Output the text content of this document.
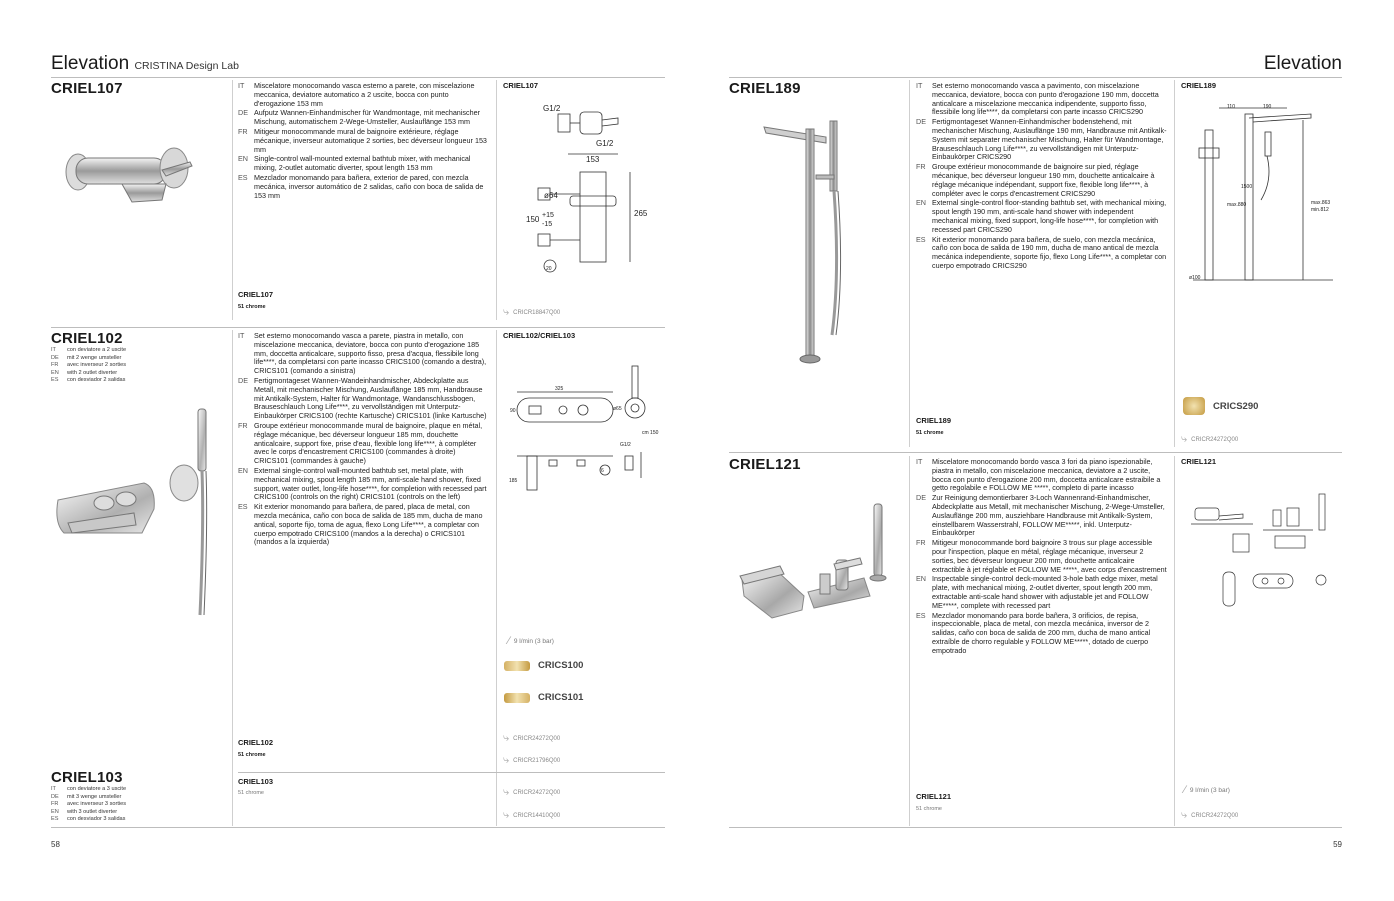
Elevation CRISTINA Design Lab	Elevation
CRIEL107	IT	Miscelatore monocomando vasca esterno a parete, con miscelazione meccanica, deviatore automatico a 2 uscite, bocca con punto d'erogazione 153 mm
DE Aufputz Wannen-Einhandmischer für Wandmontage, mit mechanischer Mischung, automatischem 2-Wege-Umsteller, Auslauflänge 153 mm
FR Mitigeur monocommande mural de baignoire extérieure, réglage mécanique, inverseur automatique 2 sorties, bec déverseur longueur 153 mm
EN Single-control wall-mounted external bathtub mixer, with mechanical mixing, 2-outlet automatic diverter, spout length 153 mm
ES Mezclador monomando para bañera, exterior de pared, con mezcla mecánica, inversor automático de 2 salidas, caño con boca de salida de 153 mm
CRIEL107
51 chrome
CRIEL107
G1/2
G1/2
153
ø64
150 +15
-15
265
20
⤷ CRICR18847Q00
CRIEL102
IT	con deviatore a 2 uscite
DE	mit 2 wenge umsteller
FR	avec inverseur 2 sorties
EN	with 2 outlet diverter
ES	con desviador 2 salidas
IT	Set esterno monocomando vasca a parete, piastra in metallo, con miscelazione meccanica, deviatore, bocca con punto d'erogazione 185 mm, doccetta anticalcare, supporto fisso, presa d'acqua, flessibile long life****, da completarsi con parte incasso CRICS100 (comando a destra), CRICS101 (comando a sinistra)
DE Fertigmontageset Wannen-Wandeinhandmischer, Abdeckplatte aus Metall, mit mechanischer Mischung, Auslauflänge 185 mm, Handbrause mit Antikalk-System, Halter für Wandmontage, Wandanschlussbogen, Brauseschlauch Long Life****, zu vervollständigen mit Unterputz-Einbaukörper CRICS100 (rechte Kartusche) CRICS101 (linke Kartusche)
FR Groupe extérieur monocommande mural de baignoire, plaque en métal, réglage mécanique, bec déverseur longueur 185 mm, douchette anticalcaire, support fixe, prise d'eau, flexible long life****, à compléter avec le corps d'encastrement CRICS100 (commandes à droite) CRICS101 (commandes à gauche)
EN External single-control wall-mounted bathtub set, metal plate, with mechanical mixing, spout length 185 mm, anti-scale hand shower, fixed support, water outlet, long-life hose****, for completion with recessed part CRICS100 (controls on the right) CRICS101 (controls on the left)
ES Kit exterior monomando para bañera, de pared, placa de metal, con mezcla mecánica, caño con boca de salida de 185 mm, ducha de mano antical, soporte fijo, toma de agua, flexo Long Life****, a completar con cuerpo empotrado CRICS100 (mandos a la derecha) o CRICS101 (mandos a la izquierda)
CRIEL102
51 chrome
CRIEL102/CRIEL103
325
90	ø65
cm 150
G1/2
185
6
∕ 9 l/min (3 bar)
CRICS100
CRICS101
⤷ CRICR24272Q00
⤷ CRICR21796Q00
CRIEL103
IT	con deviatore a 3 uscite
DE	mit 3 wenge umsteller
FR	avec inverseur 3 sorties
EN	with 3 outlet diverter
ES	con desviador 3 salidas
CRIEL103
51 chrome	⤷ CRICR24272Q00
⤷ CRICR14410Q00
CRIEL189	IT	Set esterno monocomando vasca a pavimento, con miscelazione meccanica, deviatore, bocca con punto d'erogazione 190 mm, doccetta anticalcare a miscelazione meccanica indipendente, supporto fisso, flessibile long life****, da completarsi con parte incasso CRICS290
DE Fertigmontageset Wannen-Einhandmischer bodenstehend, mit mechanischer Mischung, Auslauflänge 190 mm, Handbrause mit Antikalk-System mit separater mechanischer Mischung, Halter für Wandmontage, Brauseschlauch Long Life****, zu vervollständigen mit Unterputz-Einbaukörper CRICS290
FR Groupe extérieur monocommande de baignoire sur pied, réglage mécanique, bec déverseur longueur 190 mm, douchette anticalcaire à réglage mécanique indépendant, support fixe, flexible long life****, à compléter avec le corps d'encastrement CRICS290
EN External single-control floor-standing bathtub set, with mechanical mixing, spout length 190 mm, anti-scale hand shower with independent mechanical mixing, fixed support, long-life hose****, for completion with recessed part CRICS290
ES Kit exterior monomando para bañera, de suelo, con mezcla mecánica, caño con boca de salida de 190 mm, ducha de mano antical de mezcla mecánica independiente, soporte fijo, flexo Long Life****, a completar con cuerpo empotrado CRICS290
CRIEL189
51 chrome
CRIEL189
110	190
1500
max.880	max.863
min.812
ø100
CRICS290
⤷ CRICR24272Q00
CRIEL121	IT	Miscelatore monocomando bordo vasca 3 fori da piano ispezionabile, piastra in metallo, con miscelazione meccanica, deviatore a 2 uscite, bocca con punto d'erogazione 200 mm, doccetta anticalcare estraibile a getto regolabile e FOLLOW ME *****, completo di parte incasso
DE Zur Reinigung demontierbarer 3-Loch Wannenrand-Einhandmischer, Abdeckplatte aus Metall, mit mechanischer Mischung, 2-Wege-Umsteller, Auslauflänge 200 mm, ausziehbare Handbrause mit Antikalk-System, einstellbarem Wasserstrahl, FOLLOW ME*****, inkl. Unterputz-Einbaukörper
FR Mitigeur monocommande bord baignoire 3 trous sur plage accessible pour l'inspection, plaque en métal, réglage mécanique, inverseur 2 sorties, bec déverseur longueur 200 mm, douchette anticalcaire extractible à jet réglable et FOLLOW ME *****, avec corps d'encastrement
EN Inspectable single-control deck-mounted 3-hole bath edge mixer, metal plate, with mechanical mixing, 2-outlet diverter, spout length 200 mm, extractable anti-scale hand shower with adjustable jet and FOLLOW ME*****, complete with recessed part
ES Mezclador monomando para borde bañera, 3 orificios, de repisa, inspeccionable, placa de metal, con mezcla mecánica, inversor de 2 salidas, caño con boca de salida de 200 mm, ducha de mano antical extraíble de chorro regulable y FOLLOW ME*****, dotado de cuerpo empotrado
CRIEL121
51 chrome
CRIEL121
∕ 9 l/min (3 bar)
⤷ CRICR24272Q00
58	59
